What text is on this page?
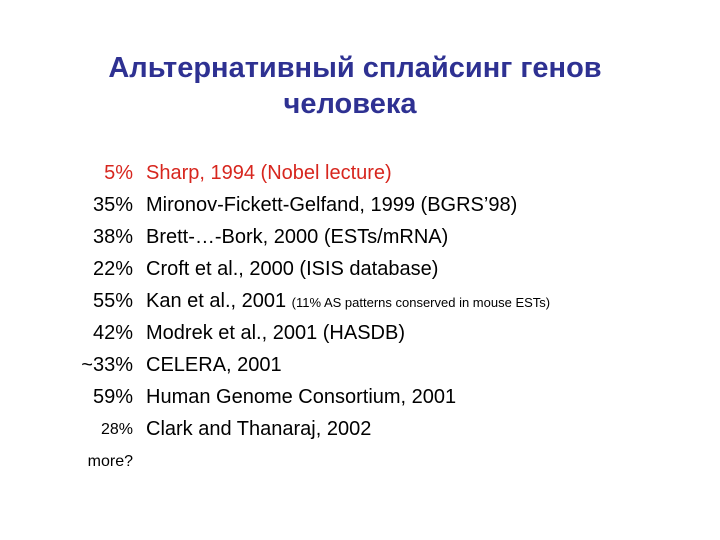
Альтернативный сплайсинг генов
человека
5% Sharp, 1994 (Nobel lecture)
35% Mironov-Fickett-Gelfand, 1999 (BGRS’98)
38% Brett-…-Bork, 2000 (ESTs/mRNA)
22% Croft et al., 2000 (ISIS database)
55% Kan et al., 2001 (11% AS patterns conserved in mouse ESTs)
42% Modrek et al., 2001 (HASDB)
~33% CELERA, 2001
59% Human Genome Consortium, 2001
28% Clark and Thanaraj, 2002
more?
